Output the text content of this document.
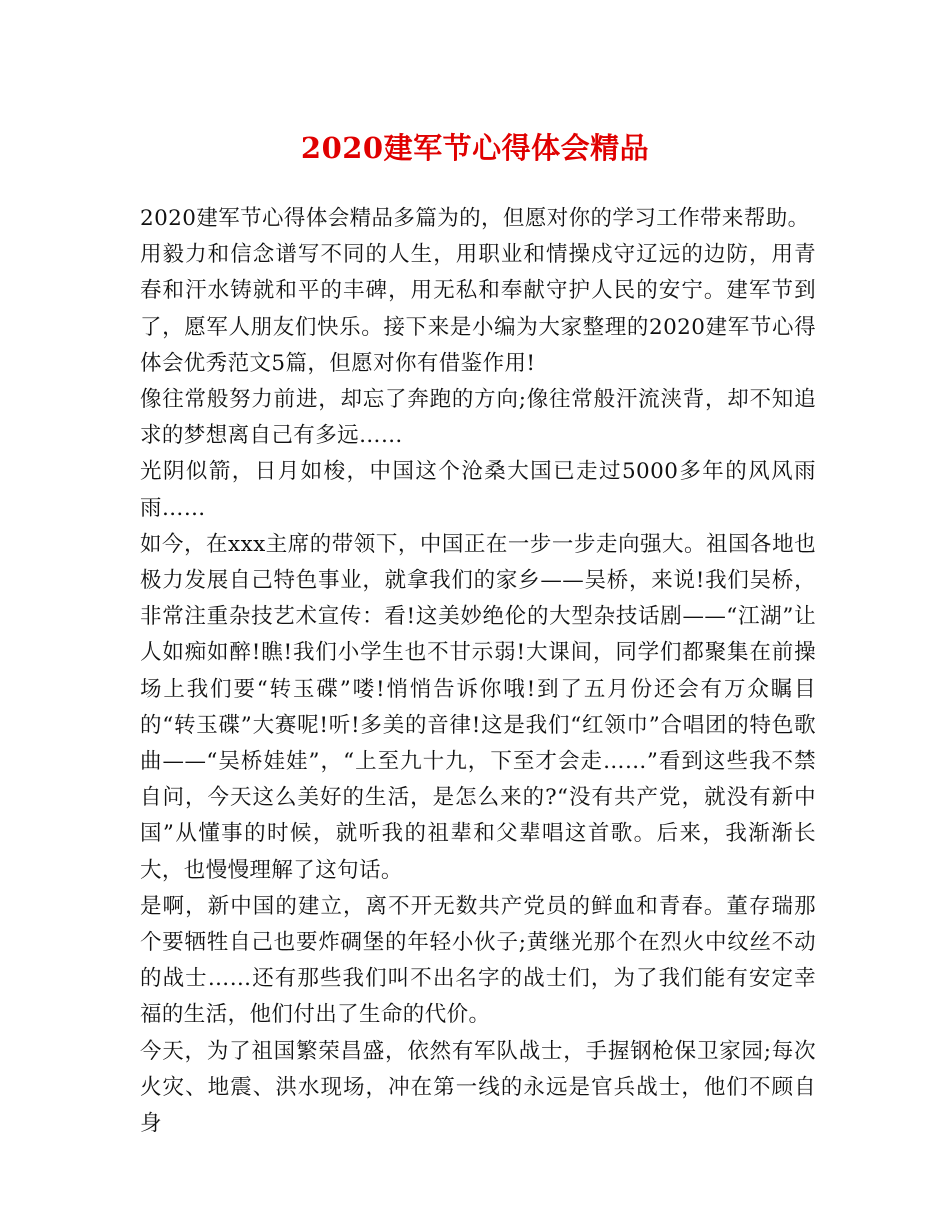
2020建军节心得体会精品

2020建军节心得体会精品多篇为的，但愿对你的学习工作带来帮助。

用毅力和信念谱写不同的人生，用职业和情操戍守辽远的边防，用青春和汗水铸就和平的丰碑，用无私和奉献守护人民的安宁。建军节到了，愿军人朋友们快乐。接下来是小编为大家整理的2020建军节心得体会优秀范文5篇，但愿对你有借鉴作用!

像往常般努力前进，却忘了奔跑的方向;像往常般汗流浃背，却不知追求的梦想离自己有多远……

光阴似箭，日月如梭，中国这个沧桑大国已走过5000多年的风风雨雨……

如今，在xxx主席的带领下，中国正在一步一步走向强大。祖国各地也极力发展自己特色事业，就拿我们的家乡——吴桥，来说!我们吴桥，非常注重杂技艺术宣传：看!这美妙绝伦的大型杂技话剧——“江湖”让人如痴如醉!瞧!我们小学生也不甘示弱!大课间，同学们都聚集在前操场上我们要“转玉碟”喽!悄悄告诉你哦!到了五月份还会有万众瞩目的“转玉碟”大赛呢!听!多美的音律!这是我们“红领巾”合唱团的特色歌曲——“吴桥娃娃”，“上至九十九，下至才会走……”看到这些我不禁自问，今天这么美好的生活，是怎么来的?“没有共产党，就没有新中国”从懂事的时候，就听我的祖辈和父辈唱这首歌。后来，我渐渐长大，也慢慢理解了这句话。

是啊，新中国的建立，离不开无数共产党员的鲜血和青春。董存瑞那个要牺牲自己也要炸碉堡的年轻小伙子;黄继光那个在烈火中纹丝不动的战士……还有那些我们叫不出名字的战士们，为了我们能有安定幸福的生活，他们付出了生命的代价。

今天，为了祖国繁荣昌盛，依然有军队战士，手握钢枪保卫家园;每次火灾、地震、洪水现场，冲在第一线的永远是官兵战士，他们不顾自身
